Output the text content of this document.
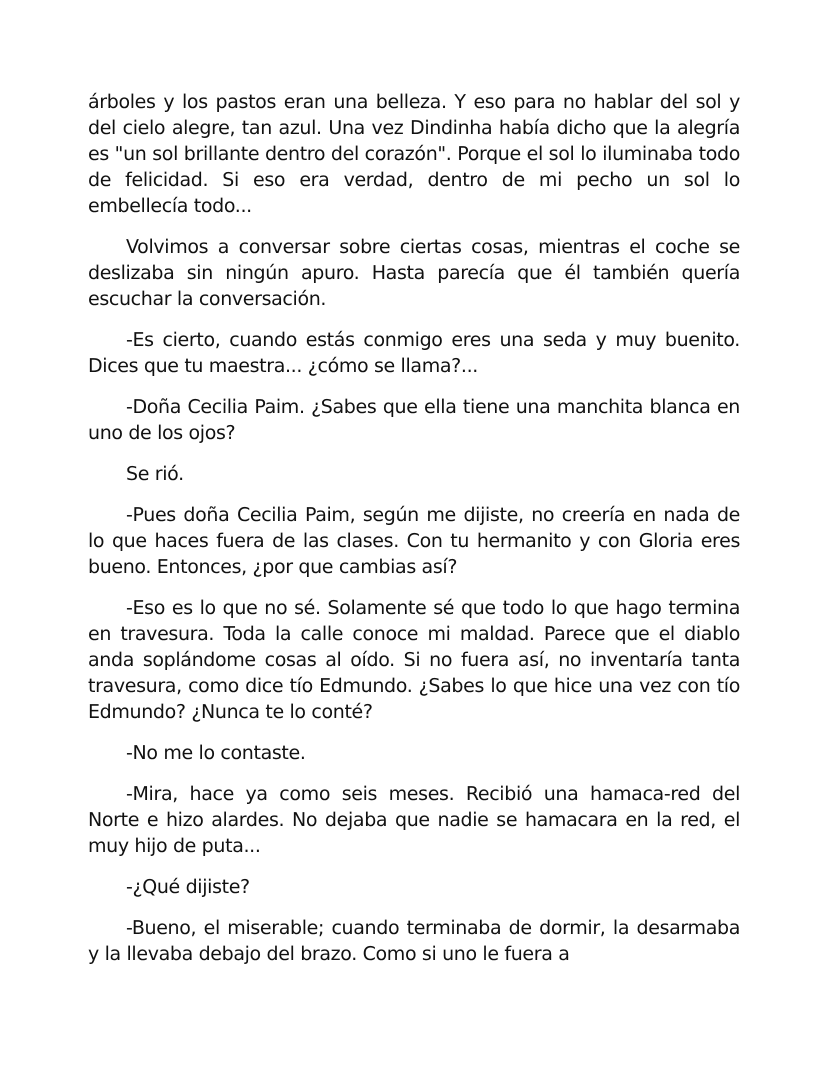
árboles y los pastos eran una belleza. Y eso para no hablar del sol y del cielo alegre, tan azul. Una vez Dindinha había dicho que la alegría es "un sol brillante dentro del corazón". Porque el sol lo iluminaba todo de felicidad. Si eso era verdad, dentro de mi pecho un sol lo embellecía todo...

Volvimos a conversar sobre ciertas cosas, mientras el coche se deslizaba sin ningún apuro. Hasta parecía que él también quería escuchar la conversación.

-Es cierto, cuando estás conmigo eres una seda y muy buenito. Dices que tu maestra... ¿cómo se llama?...

-Doña Cecilia Paim. ¿Sabes que ella tiene una manchita blanca en uno de los ojos?

Se rió.

-Pues doña Cecilia Paim, según me dijiste, no creería en nada de lo que haces fuera de las clases. Con tu hermanito y con Gloria eres bueno. Entonces, ¿por que cambias así?

-Eso es lo que no sé. Solamente sé que todo lo que hago termina en travesura. Toda la calle conoce mi maldad. Parece que el diablo anda soplándome cosas al oído. Si no fuera así, no inventaría tanta travesura, como dice tío Edmundo. ¿Sabes lo que hice una vez con tío Edmundo? ¿Nunca te lo conté?

-No me lo contaste.

-Mira, hace ya como seis meses. Recibió una hamaca-red del Norte e hizo alardes. No dejaba que nadie se hamacara en la red, el muy hijo de puta...

-¿Qué dijiste?

-Bueno, el miserable; cuando terminaba de dormir, la desarmaba y la llevaba debajo del brazo. Como si uno le fuera a
